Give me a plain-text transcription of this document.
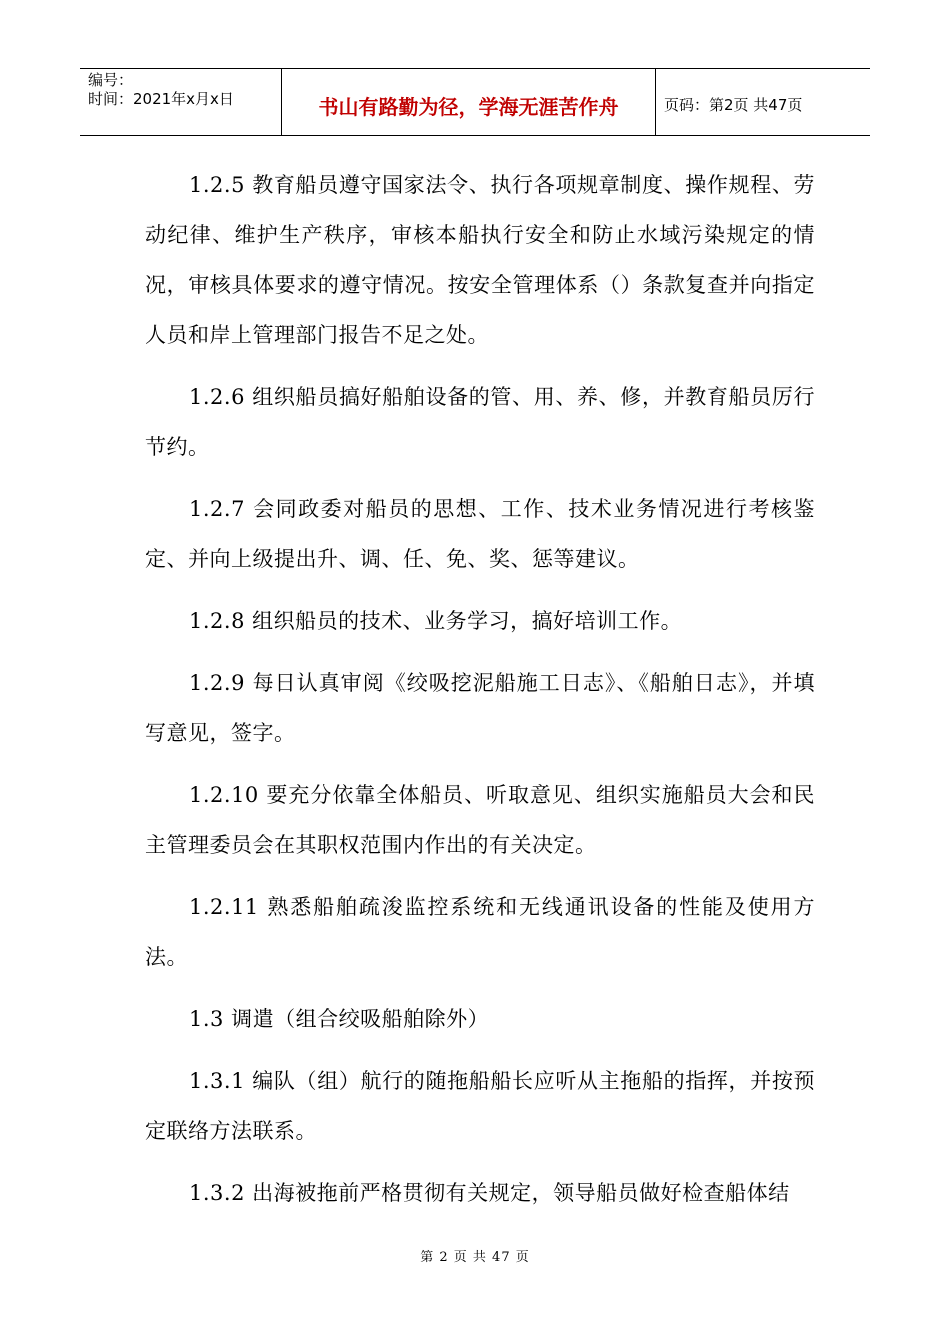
编号：
时间：2021年x月x日	书山有路勤为径，学海无涯苦作舟	页码：第2页 共47页

1.2.5 教育船员遵守国家法令、执行各项规章制度、操作规程、劳动纪律、维护生产秩序，审核本船执行安全和防止水域污染规定的情况，审核具体要求的遵守情况。按安全管理体系（）条款复查并向指定人员和岸上管理部门报告不足之处。

1.2.6 组织船员搞好船舶设备的管、用、养、修，并教育船员厉行节约。

1.2.7 会同政委对船员的思想、工作、技术业务情况进行考核鉴定、并向上级提出升、调、任、免、奖、惩等建议。

1.2.8 组织船员的技术、业务学习，搞好培训工作。

1.2.9 每日认真审阅《绞吸挖泥船施工日志》、《船舶日志》，并填写意见，签字。

1.2.10 要充分依靠全体船员、听取意见、组织实施船员大会和民主管理委员会在其职权范围内作出的有关决定。

1.2.11 熟悉船舶疏浚监控系统和无线通讯设备的性能及使用方法。

1.3 调遣（组合绞吸船舶除外）

1.3.1 编队（组）航行的随拖船船长应听从主拖船的指挥，并按预定联络方法联系。

1.3.2 出海被拖前严格贯彻有关规定，领导船员做好检查船体结

第 2 页 共 47 页
